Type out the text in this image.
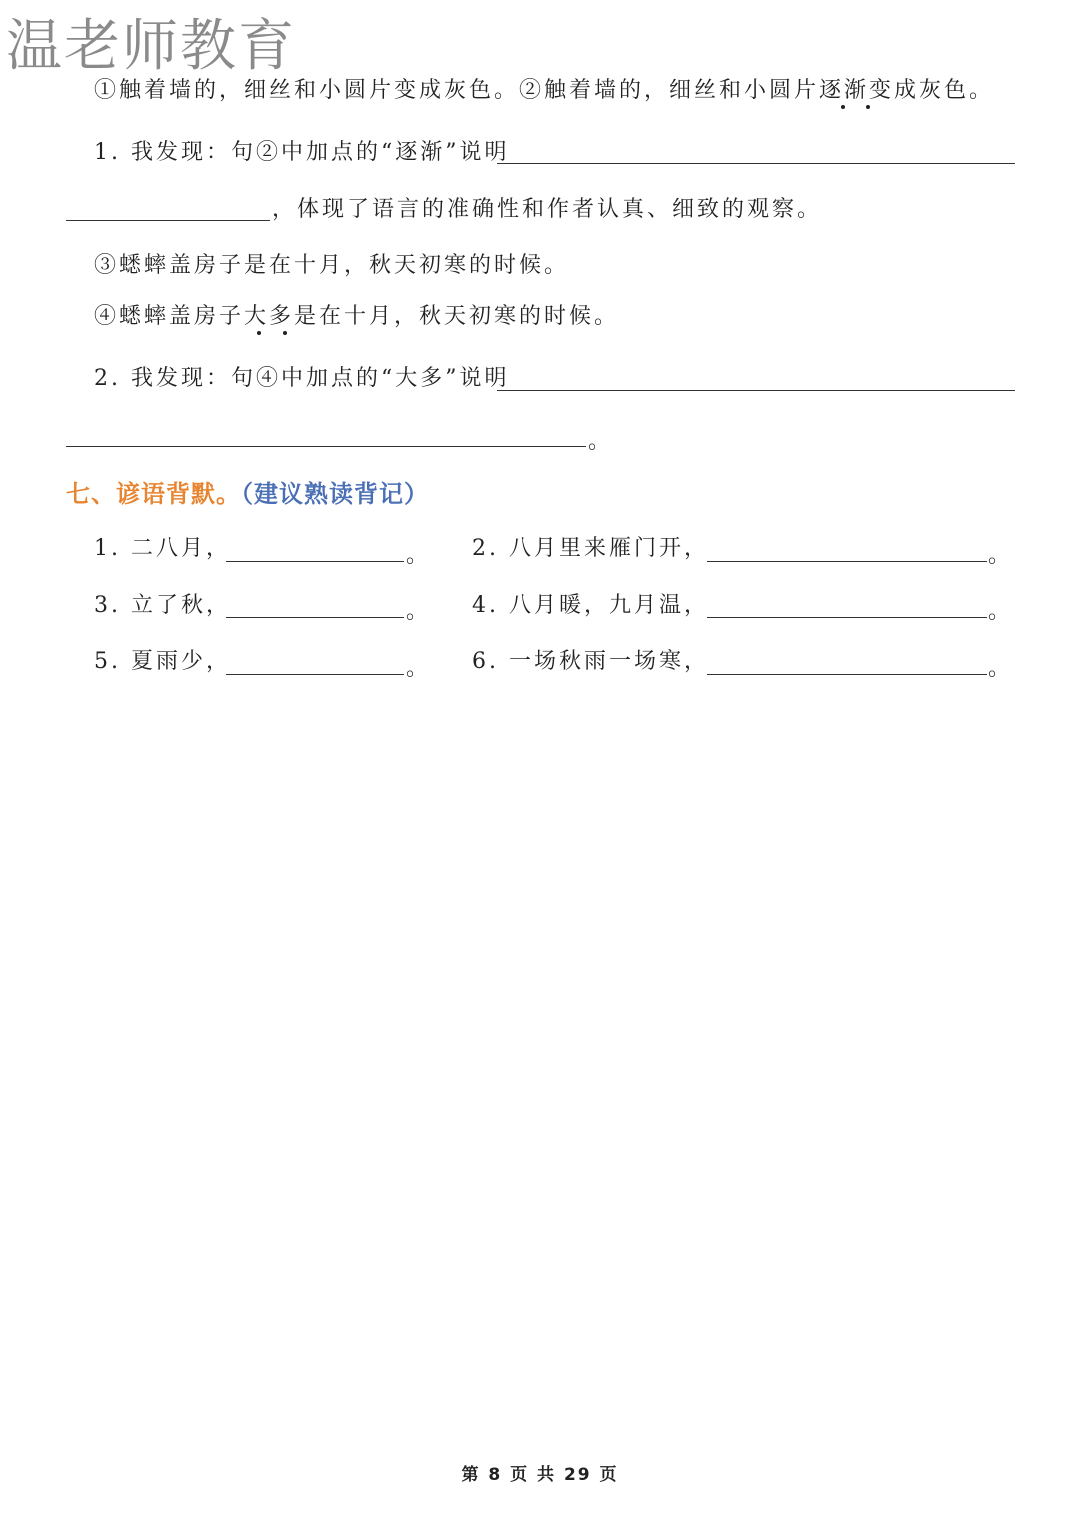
温老师教育
①触着墙的，细丝和小圆片变成灰色。②触着墙的，细丝和小圆片逐渐变成灰色。
1. 我发现：句②中加点的“逐渐”说明
，体现了语言的准确性和作者认真、细致的观察。
③蟋蟀盖房子是在十月，秋天初寒的时候。
④蟋蟀盖房子大多是在十月，秋天初寒的时候。
2. 我发现：句④中加点的“大多”说明
。
七、谚语背默。（建议熟读背记）
1. 二八月，	。 2. 八月里来雁门开，	。
3. 立了秋，	。 4. 八月暖，九月温，	。
5. 夏雨少，	。 6. 一场秋雨一场寒，	。
第 8 页 共 29 页
